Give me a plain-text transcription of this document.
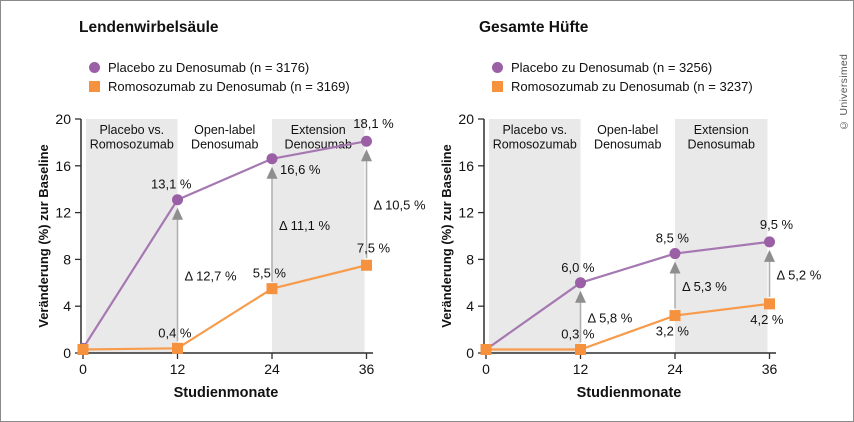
Placebo vs.
Romosozumab
Open-label
Denosumab
Extension
Denosumab
0
4
8
12
16
20
0	12	24	36
Studienmonate
Veränderung (%) zur Baseline	Δ 12,7 %
Δ 11,1 %
Δ 10,5 %
13,1 %
16,6 %
18,1 %
0,4 %
5,5 %
7,5 %
Placebo vs.
Romosozumab
Open-label
Denosumab
Extension
Denosumab
0
4
8
12
16
20
0	12	24	36
Studienmonate
Veränderung (%) zur Baseline	Δ 5,8 %
Δ 5,3 %
Δ 5,2 %
6,0 %
8,5 %
9,5 %
0,3 %	3,2 %
4,2 %
Lendenwirbelsäule	Gesamte Hüfte
Placebo zu Denosumab (n = 3176)
Romosozumab zu Denosumab (n = 3169)
Placebo zu Denosumab (n = 3256)
Romosozumab zu Denosumab (n = 3237)	© Universimed
